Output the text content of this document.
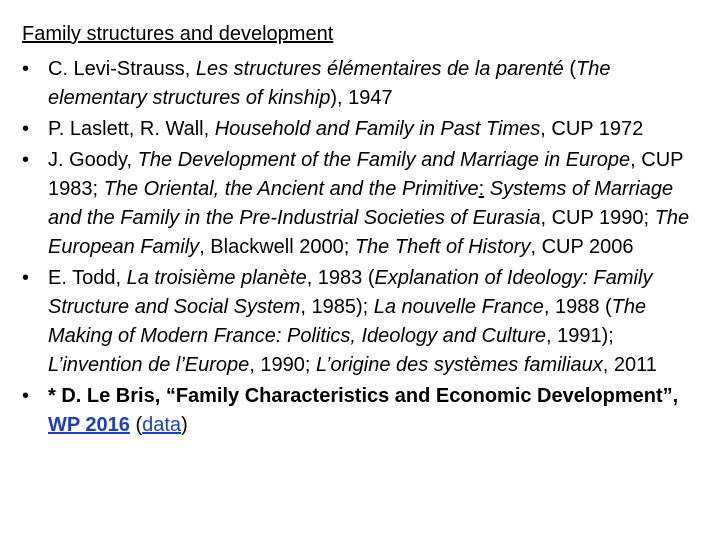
Family structures and development
• C. Levi-Strauss, Les structures élémentaires de la parenté (The elementary structures of kinship), 1947
• P. Laslett, R. Wall, Household and Family in Past Times, CUP 1972
• J. Goody, The Development of the Family and Marriage in Europe, CUP 1983; The Oriental, the Ancient and the Primitive: Systems of Marriage and the Family in the Pre-Industrial Societies of Eurasia, CUP 1990; The European Family, Blackwell 2000; The Theft of History, CUP 2006
• E. Todd, La troisième planète, 1983 (Explanation of Ideology: Family Structure and Social System, 1985); La nouvelle France, 1988 (The Making of Modern France: Politics, Ideology and Culture, 1991); L’invention de l’Europe, 1990; L’origine des systèmes familiaux, 2011
• * D. Le Bris, “Family Characteristics and Economic Development”,
WP 2016 (data)
